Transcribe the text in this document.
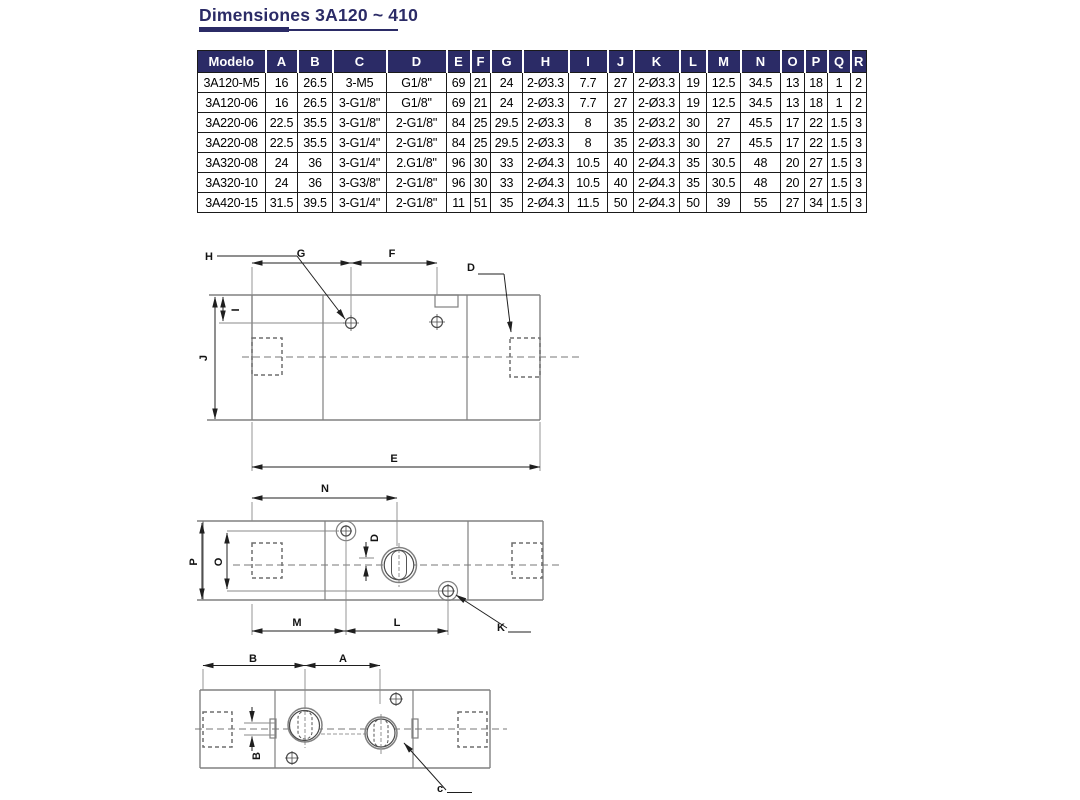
Dimensiones 3A120 ~ 410
Modelo	A	B	C	D	E	F	G	H	I	J	K	L	M	N	O	P	Q	R
3A120-M5	16	26.5	3-M5	G1/8"	69	21	24	2-Ø3.3	7.7	27	2-Ø3.3	19	12.5	34.5	13	18	1	2
3A120-06	16	26.5	3-G1/8"	G1/8"	69	21	24	2-Ø3.3	7.7	27	2-Ø3.3	19	12.5	34.5	13	18	1	2
3A220-06	22.5	35.5	3-G1/8"	2-G1/8"	84	25	29.5	2-Ø3.3	8	35	2-Ø3.2	30	27	45.5	17	22	1.5	3
3A220-08	22.5	35.5	3-G1/4"	2-G1/8"	84	25	29.5	2-Ø3.3	8	35	2-Ø3.3	30	27	45.5	17	22	1.5	3
3A320-08	24	36	3-G1/4"	2.G1/8"	96	30	33	2-Ø4.3	10.5	40	2-Ø4.3	35	30.5	48	20	27	1.5	3
3A320-10	24	36	3-G3/8"	2-G1/8"	96	30	33	2-Ø4.3	10.5	40	2-Ø4.3	35	30.5	48	20	27	1.5	3
3A420-15	31.5	39.5	3-G1/4"	2-G1/8"	11	51	35	2-Ø4.3	11.5	50	2-Ø4.3	50	39	55	27	34	1.5	3
H	G	F
D
I
J
E
N
P O
D
M	L	K
B	A
B
c
